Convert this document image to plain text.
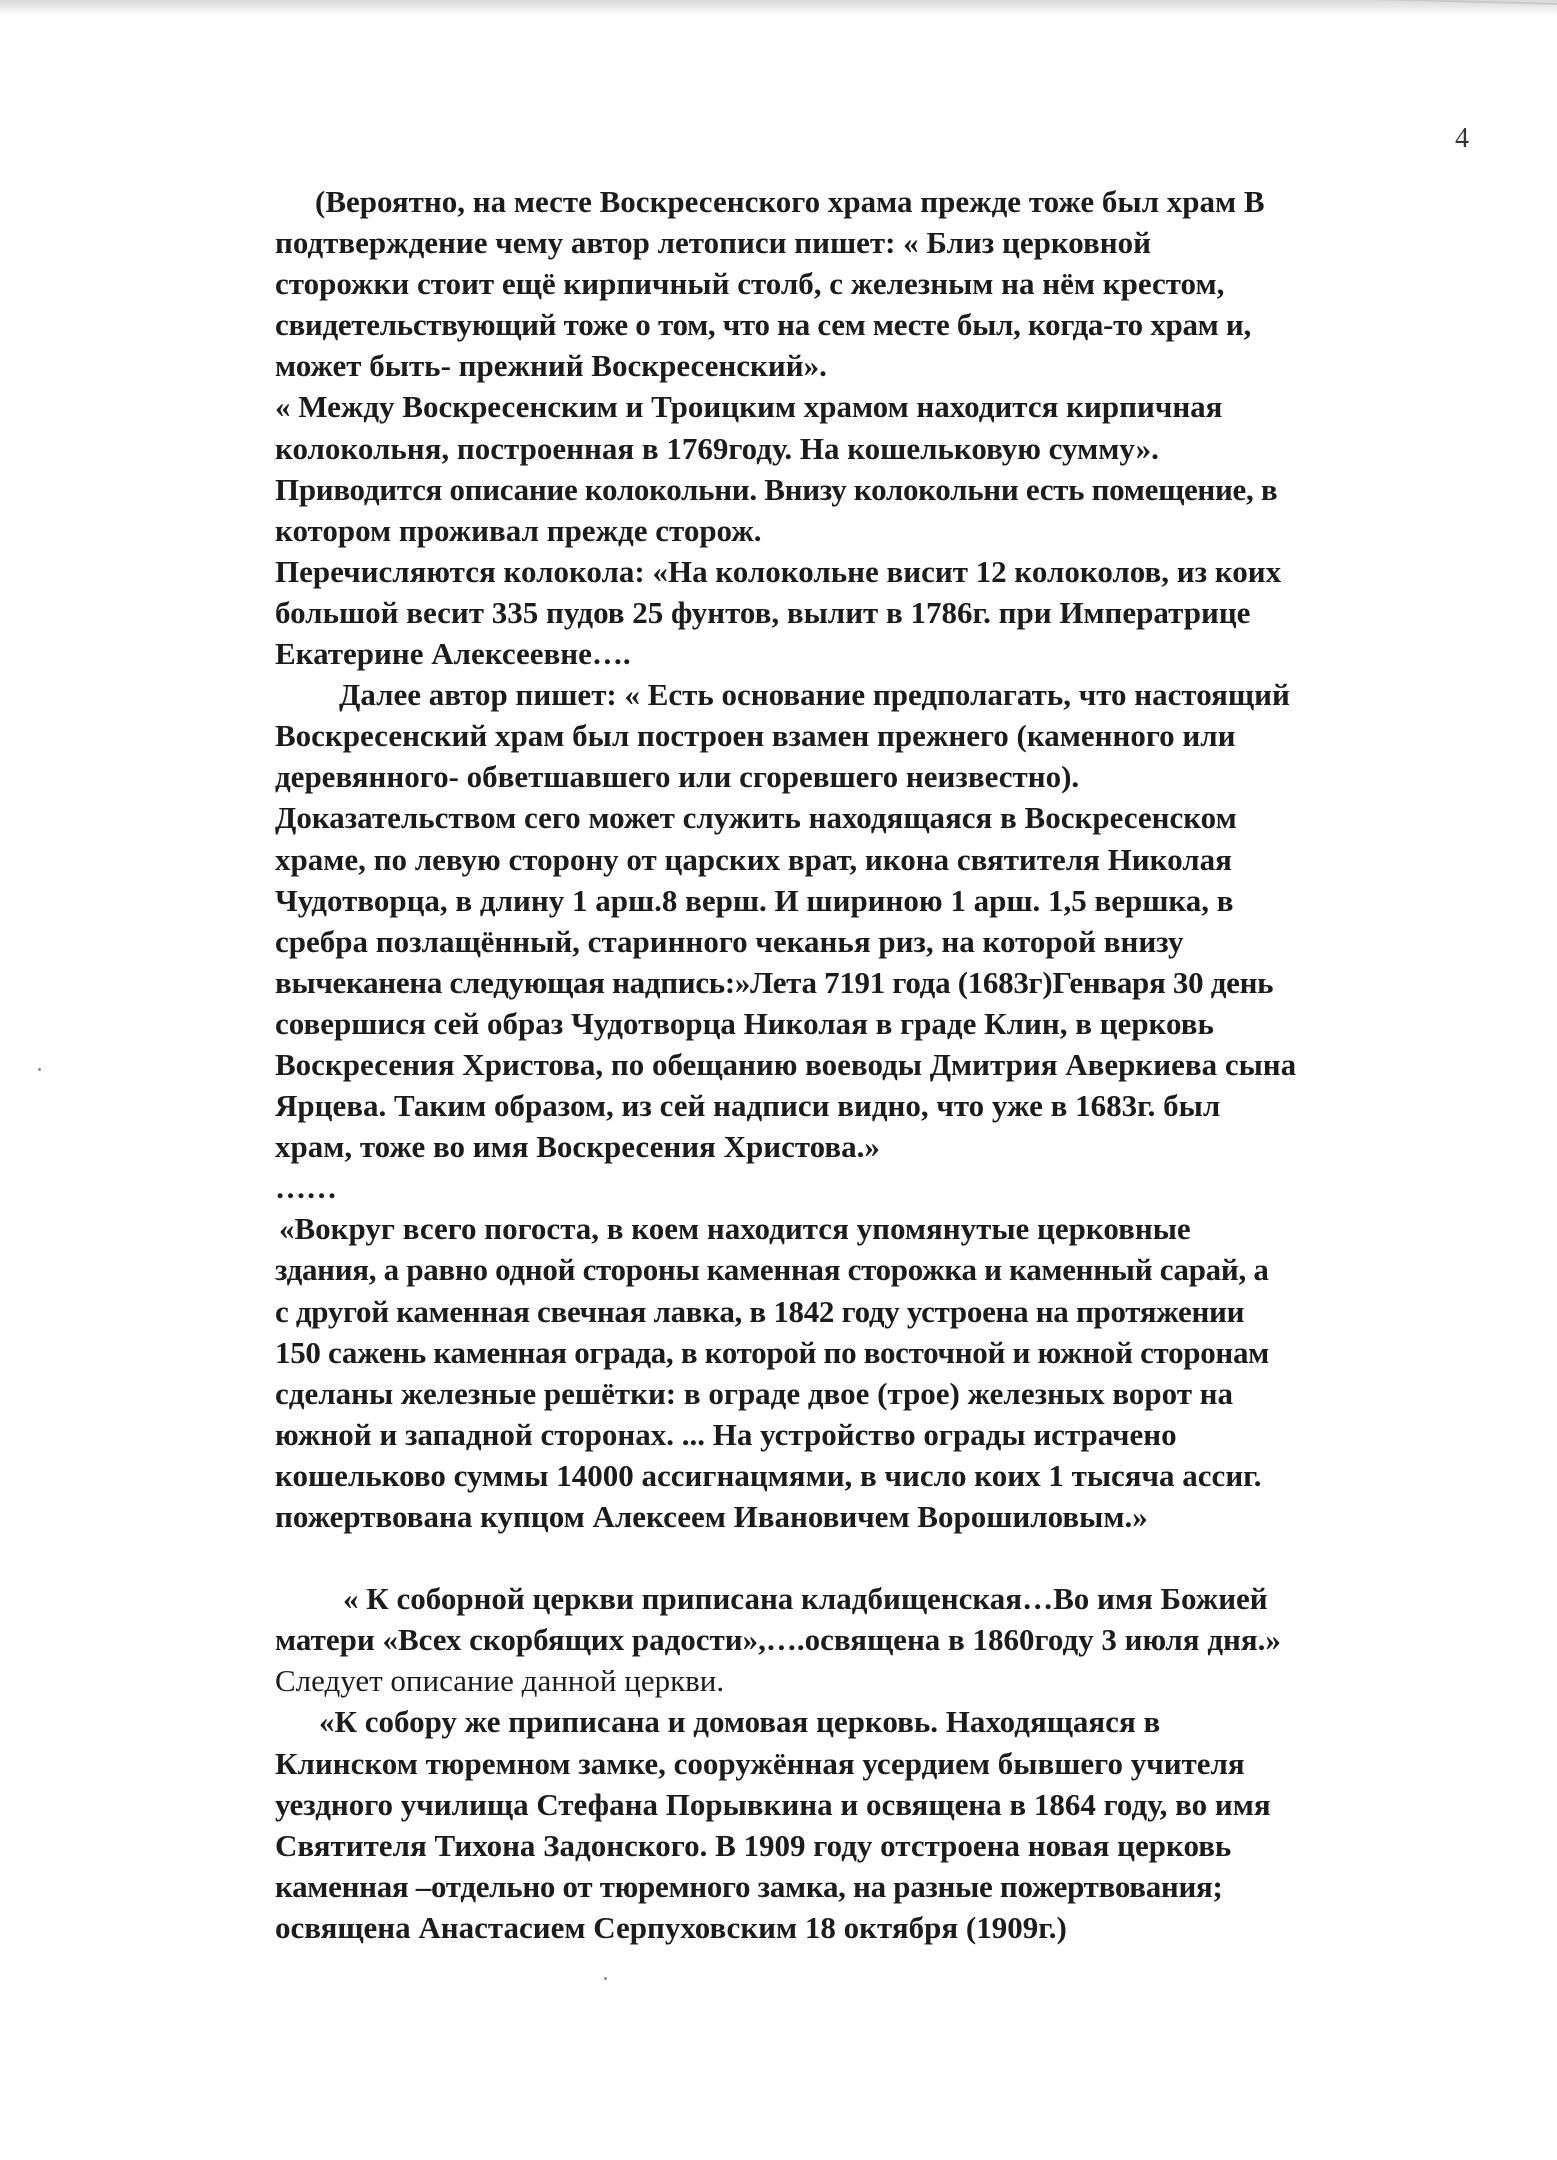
4
(Вероятно, на месте Воскресенского храма прежде тоже был храм В
подтверждение чему автор летописи пишет: « Близ церковной
сторожки стоит ещё кирпичный столб, с железным на нём крестом,
свидетельствующий тоже о том, что на сем месте был, когда-то храм и,
может быть- прежний Воскресенский».
« Между Воскресенским и Троицким храмом находится кирпичная
колокольня, построенная в 1769году. На кошельковую сумму».
Приводится описание колокольни. Внизу колокольни есть помещение, в
котором проживал прежде сторож.
Перечисляются колокола: «На колокольне висит 12 колоколов, из коих
большой весит 335 пудов 25 фунтов, вылит в 1786г. при Императрице
Екатерине Алексеевне….
Далее автор пишет: « Есть основание предполагать, что настоящий
Воскресенский храм был построен взамен прежнего (каменного или
деревянного- обветшавшего или сгоревшего неизвестно).
Доказательством сего может служить находящаяся в Воскресенском
храме, по левую сторону от царских врат, икона святителя Николая
Чудотворца, в длину 1 арш.8 верш. И шириною 1 арш. 1,5 вершка, в
сребра позлащённый, старинного чеканья риз, на которой внизу
вычеканена следующая надпись:»Лета 7191 года (1683г)Генваря 30 день
совершися сей образ Чудотворца Николая в граде Клин, в церковь
Воскресения Христова, по обещанию воеводы Дмитрия Аверкиева сына
Ярцева. Таким образом, из сей надписи видно, что уже в 1683г. был
храм, тоже во имя Воскресения Христова.»
……
«Вокруг всего погоста, в коем находится упомянутые церковные
здания, а равно одной стороны каменная сторожка и каменный сарай, а
с другой каменная свечная лавка, в 1842 году устроена на протяжении
150 сажень каменная ограда, в которой по восточной и южной сторонам
сделаны железные решётки: в ограде двое (трое) железных ворот на
южной и западной сторонах. ... На устройство ограды истрачено
кошельково суммы 14000 ассигнацмями, в число коих 1 тысяча ассиг.
пожертвована купцом Алексеем Ивановичем Ворошиловым.»
« К соборной церкви приписана кладбищенская…Во имя Божией
матери «Всех скорбящих радости»,….освящена в 1860году 3 июля дня.»
Следует описание данной церкви.
«К собору же приписана и домовая церковь. Находящаяся в
Клинском тюремном замке, сооружённая усердием бывшего учителя
уездного училища Стефана Порывкина и освящена в 1864 году, во имя
Святителя Тихона Задонского. В 1909 году отстроена новая церковь
каменная –отдельно от тюремного замка, на разные пожертвования;
освящена Анастасием Серпуховским 18 октября (1909г.)
